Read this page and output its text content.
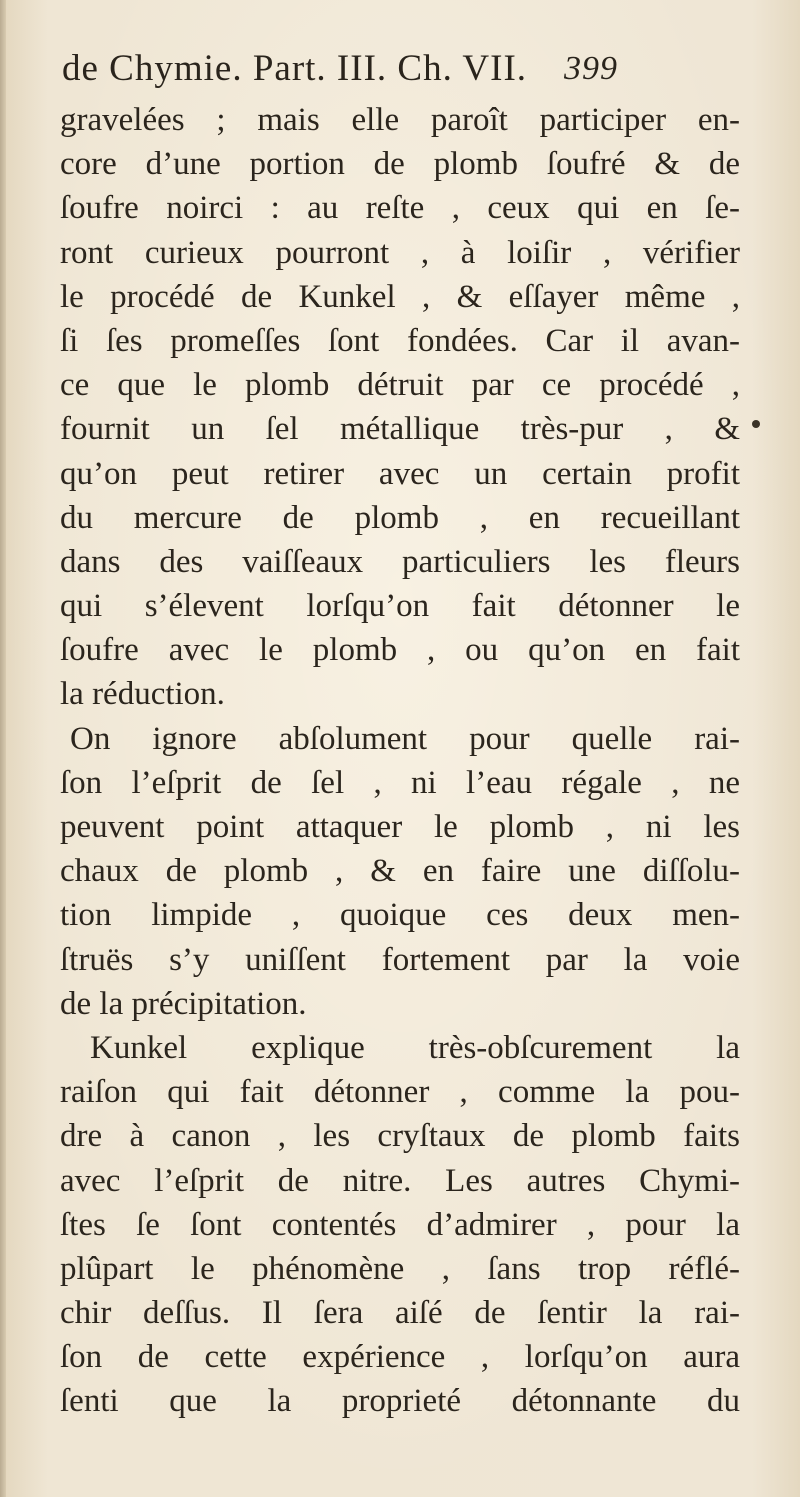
de Chymie. Part. III. Ch. VII. 399
gravelées ; mais elle paroît participer en-
core d’une portion de plomb ſoufré & de
ſoufre noirci : au reſte , ceux qui en ſe-
ront curieux pourront , à loiſir , vérifier
le procédé de Kunkel , & eſſayer même ,
ſi ſes promeſſes ſont fondées. Car il avan-
ce que le plomb détruit par ce procédé ,
fournit un ſel métallique très-pur , &
qu’on peut retirer avec un certain profit
du mercure de plomb , en recueillant
dans des vaiſſeaux particuliers les fleurs
qui s’élevent lorſqu’on fait détonner le
ſoufre avec le plomb , ou qu’on en fait
la réduction.
On ignore abſolument pour quelle rai-
ſon l’eſprit de ſel , ni l’eau régale , ne
peuvent point attaquer le plomb , ni les
chaux de plomb , & en faire une diſſolu-
tion limpide , quoique ces deux men-
ſtruës s’y uniſſent fortement par la voie
de la précipitation.
Kunkel explique très-obſcurement la
raiſon qui fait détonner , comme la pou-
dre à canon , les cryſtaux de plomb faits
avec l’eſprit de nitre. Les autres Chymi-
ſtes ſe ſont contentés d’admirer , pour la
plûpart le phénomène , ſans trop réflé-
chir deſſus. Il ſera aiſé de ſentir la rai-
ſon de cette expérience , lorſqu’on aura
ſenti que la proprieté détonnante du
